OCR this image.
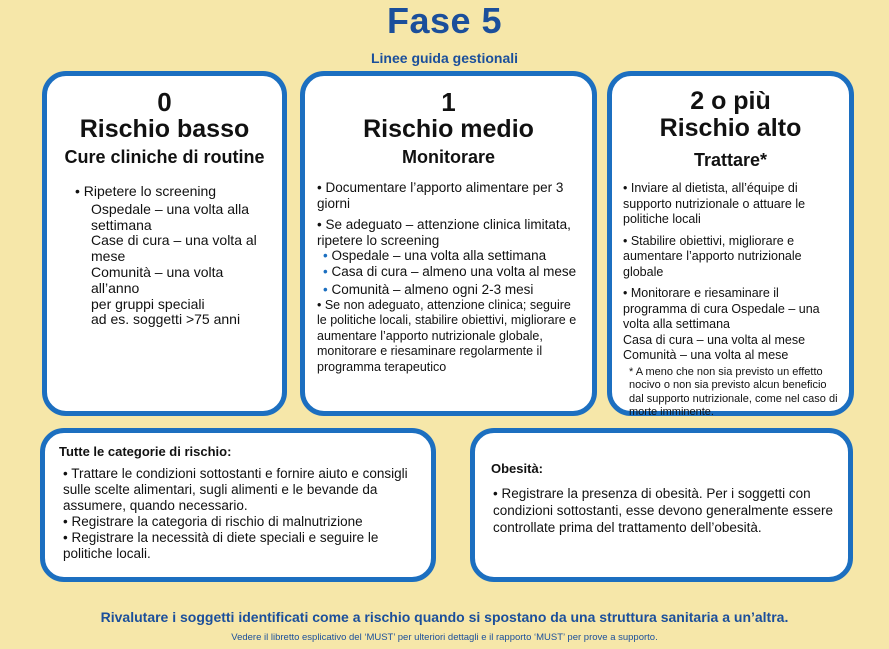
Fase 5
Linee guida gestionali
0
Rischio basso
Cure cliniche di routine
• Ripetere lo screening
Ospedale – una volta alla
settimana
Case di cura – una volta al
mese
Comunità – una volta
all’anno
per gruppi speciali
ad es. soggetti >75 anni
1
Rischio medio
Monitorare
• Documentare l’apporto alimentare per 3 giorni
• Se adeguato – attenzione clinica limitata, ripetere lo screening
• Ospedale – una volta alla settimana
• Casa di cura – almeno una volta al mese
• Comunità – almeno ogni 2-3 mesi
• Se non adeguato, attenzione clinica; seguire le politiche locali, stabilire obiettivi, migliorare e aumentare l’apporto nutrizionale globale, monitorare e riesaminare regolarmente il programma terapeutico
2 o più
Rischio alto
Trattare*
• Inviare al dietista, all’équipe di supporto nutrizionale o attuare le politiche locali
• Stabilire obiettivi, migliorare e aumentare l’apporto nutrizionale globale
• Monitorare e riesaminare il programma di cura Ospedale – una volta alla settimana
Casa di cura – una volta al mese
Comunità – una volta al mese
* A meno che non sia previsto un effetto nocivo o non sia previsto alcun beneficio dal supporto nutrizionale, come nel caso di morte imminente.
Tutte le categorie di rischio:
• Trattare le condizioni sottostanti e fornire aiuto e consigli sulle scelte alimentari, sugli alimenti e le bevande da assumere, quando necessario.
• Registrare la categoria di rischio di malnutrizione
• Registrare la necessità di diete speciali e seguire le politiche locali.
Obesità:
• Registrare la presenza di obesità. Per i soggetti con condizioni sottostanti, esse devono generalmente essere controllate prima del trattamento dell’obesità.
Rivalutare i soggetti identificati come a rischio quando si spostano da una struttura sanitaria a un’altra.
Vedere il libretto esplicativo del ‘MUST’ per ulteriori dettagli e il rapporto ‘MUST’ per prove a supporto.
